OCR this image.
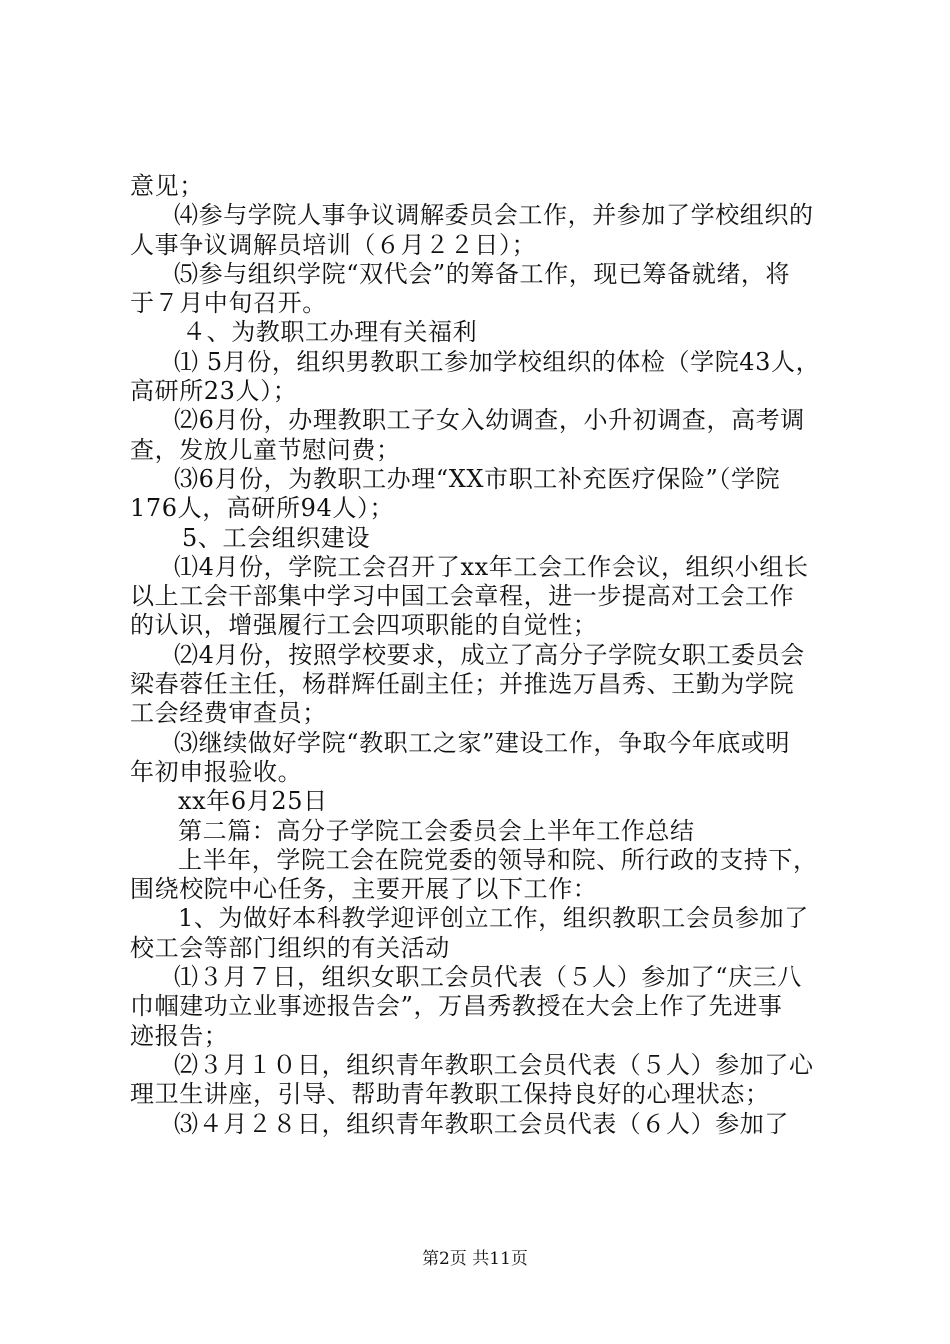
意见；
⑷参与学院人事争议调解委员会工作，并参加了学校组织的
人事争议调解员培训（６月２２日）；
⑸参与组织学院“双代会”的筹备工作，现已筹备就绪，将
于７月中旬召开。
４、为教职工办理有关福利
⑴ 5月份，组织男教职工参加学校组织的体检（学院43人，
高研所23人）；
⑵6月份，办理教职工子女入幼调查，小升初调查，高考调
查，发放儿童节慰问费；
⑶6月份，为教职工办理“XX市职工补充医疗保险”（学院
176人，高研所94人）；
5、工会组织建设
⑴4月份，学院工会召开了xx年工会工作会议，组织小组长
以上工会干部集中学习中国工会章程，进一步提高对工会工作
的认识，增强履行工会四项职能的自觉性；
⑵4月份，按照学校要求，成立了高分子学院女职工委员会
梁春蓉任主任，杨群辉任副主任；并推选万昌秀、王勤为学院
工会经费审查员；
⑶继续做好学院“教职工之家”建设工作，争取今年底或明
年初申报验收。
xx年6月25日
第二篇：高分子学院工会委员会上半年工作总结
上半年，学院工会在院党委的领导和院、所行政的支持下，
围绕校院中心任务，主要开展了以下工作：
1、为做好本科教学迎评创立工作，组织教职工会员参加了
校工会等部门组织的有关活动
⑴３月７日，组织女职工会员代表（５人）参加了“庆三八
巾帼建功立业事迹报告会”，万昌秀教授在大会上作了先进事
迹报告；
⑵３月１０日，组织青年教职工会员代表（５人）参加了心
理卫生讲座，引导、帮助青年教职工保持良好的心理状态；
⑶４月２８日，组织青年教职工会员代表（６人）参加了
第2页 共11页
